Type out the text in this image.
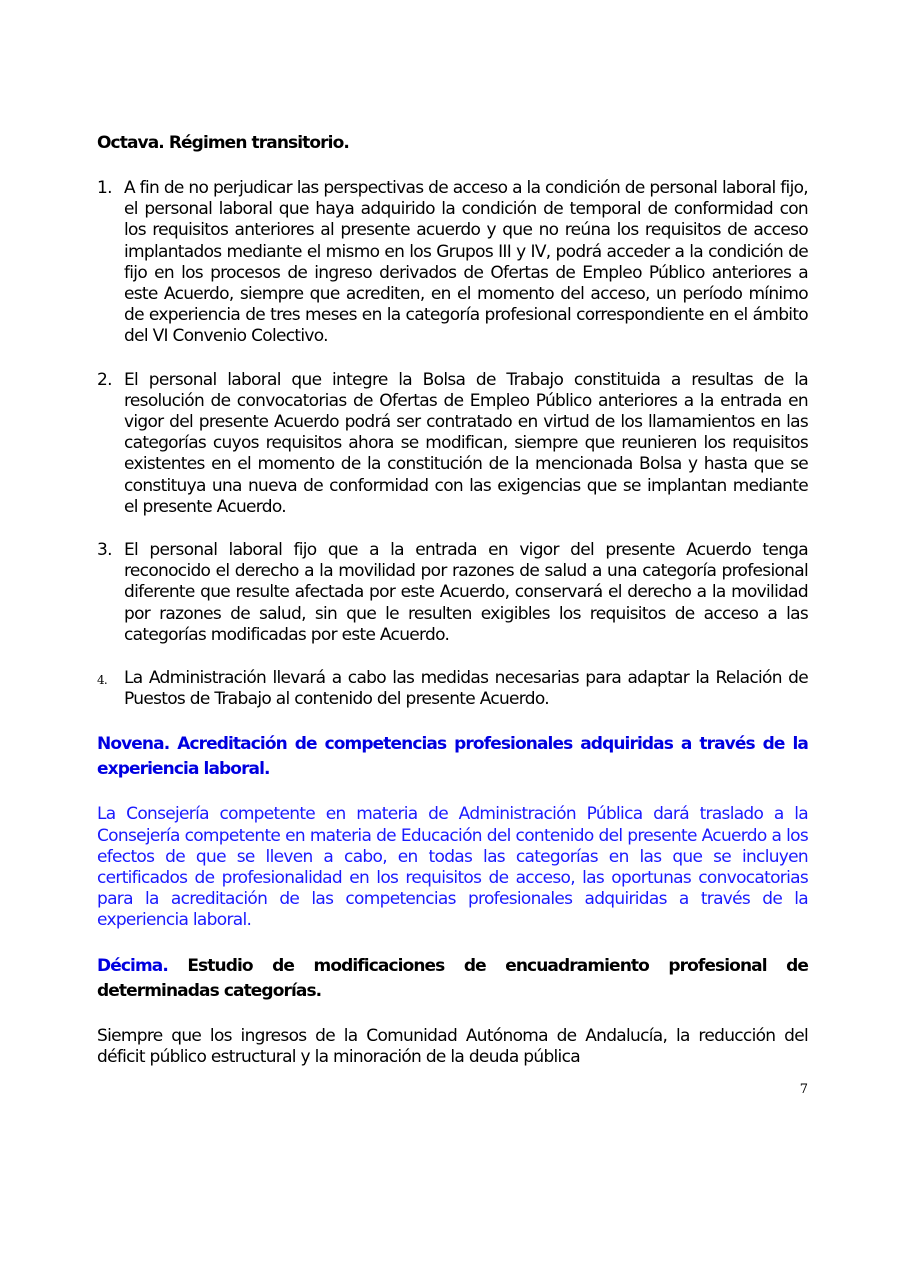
Octava. Régimen transitorio.
1. A fin de no perjudicar las perspectivas de acceso a la condición de personal laboral fijo, el personal laboral que haya adquirido la condición de temporal de conformidad con los requisitos anteriores al presente acuerdo y que no reúna los requisitos de acceso implantados mediante el mismo en los Grupos III y IV, podrá acceder a la condición de fijo en los procesos de ingreso derivados de Ofertas de Empleo Público anteriores a este Acuerdo, siempre que acrediten, en el momento del acceso, un período mínimo de experiencia de tres meses en la categoría profesional correspondiente en el ámbito del VI Convenio Colectivo.
2. El personal laboral que integre la Bolsa de Trabajo constituida a resultas de la resolución de convocatorias de Ofertas de Empleo Público anteriores a la entrada en vigor del presente Acuerdo podrá ser contratado en virtud de los llamamientos en las categorías cuyos requisitos ahora se modifican, siempre que reunieren los requisitos existentes en el momento de la constitución de la mencionada Bolsa y hasta que se constituya una nueva de conformidad con las exigencias que se implantan mediante el presente Acuerdo.
3. El personal laboral fijo que a la entrada en vigor del presente Acuerdo tenga reconocido el derecho a la movilidad por razones de salud a una categoría profesional diferente que resulte afectada por este Acuerdo, conservará el derecho a la movilidad por razones de salud, sin que le resulten exigibles los requisitos de acceso a las categorías modificadas por este Acuerdo.
4. La Administración llevará a cabo las medidas necesarias para adaptar la Relación de Puestos de Trabajo al contenido del presente Acuerdo.
Novena. Acreditación de competencias profesionales adquiridas a través de la experiencia laboral.
La Consejería competente en materia de Administración Pública dará traslado a la Consejería competente en materia de Educación del contenido del presente Acuerdo a los efectos de que se lleven a cabo, en todas las categorías en las que se incluyen certificados de profesionalidad en los requisitos de acceso, las oportunas convocatorias para la acreditación de las competencias profesionales adquiridas a través de la experiencia laboral.
Décima. Estudio de modificaciones de encuadramiento profesional de determinadas categorías.
Siempre que los ingresos de la Comunidad Autónoma de Andalucía, la reducción del déficit público estructural y la minoración de la deuda pública
7
